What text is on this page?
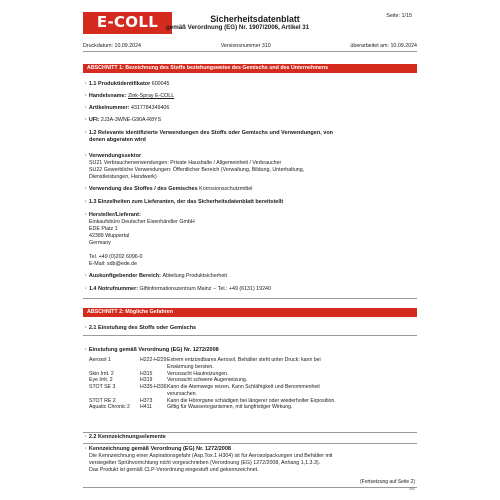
E-COLL	Sicherheitsdatenblatt
gemäß Verordnung (EG) Nr. 1907/2006, Artikel 31
Seite: 1/15
Druckdatum: 10.09.2024	Versionsnummer 310	überarbeitet am: 10.09.2024
ABSCHNITT 1: Bezeichnung des Stoffs beziehungsweise des Gemischs und des Unternehmens
· 1.1 Produktidentifikator 600045
· Handelsname: Zink-Spray E-COLL
· Artikelnummer: 4317784349406
· UFI: 2J3A-3WNE-G90A-R8YS
· 1.2 Relevante identifizierte Verwendungen des Stoffs oder Gemischs und Verwendungen, von
denen abgeraten wird
· Verwendungssektor
SU21 Verbraucherverwendungen: Private Haushalte / Allgemeinheit / Verbraucher
SU22 Gewerbliche Verwendungen: Öffentlicher Bereich (Verwaltung, Bildung, Unterhaltung,
Dienstleistungen, Handwerk)
· Verwendung des Stoffes / des Gemisches Korrosionsschutzmittel
· 1.3 Einzelheiten zum Lieferanten, der das Sicherheitsdatenblatt bereitstellt
· Hersteller/Lieferant:
Einkaufsbüro Deutscher Eisenhändler GmbH
EDE Platz 1
42389 Wuppertal
Germany
Tel. +49 (0)202 6096-0
E-Mail: sdb@ede.de
· Auskunftgebender Bereich: Abteilung Produktsicherheit
· 1.4 Notrufnummer: Giftinformationszentrum Mainz -- Tel.: +49 (6131) 19240
ABSCHNITT 2: Mögliche Gefahren
· 2.1 Einstufung des Stoffs oder Gemischs
· Einstufung gemäß Verordnung (EG) Nr. 1272/2008
Aerosol 1	H222-H229 Extrem entzündbares Aerosol. Behälter steht unter Druck: kann bei
Erwärmung bersten.
Skin Irrit. 2	H315	Verursacht Hautreizungen.
Eye Irrit. 2	H319	Verursacht schwere Augenreizung.
STOT SE 3	H335-H336 Kann die Atemwege reizen. Kann Schläfrigkeit und Benommenheit
verursachen.
STOT RE 2	H373	Kann die Hörorgane schädigen bei längerer oder wiederholter Exposition.
Aquatic Chronic 2	H411	Giftig für Wasserorganismen, mit langfristiger Wirkung.
· 2.2 Kennzeichnungselemente
· Kennzeichnung gemäß Verordnung (EG) Nr. 1272/2008
Die Kennzeichnung einer Aspirationsgefahr (Asp.Tox.1 H304) ist für Aerosolpackungen und Behälter mit
versiegelter Sprühvorrichtung nicht vorgeschrieben (Verordnung (EG) 1272/2008, Anhang 1,1.3.3).
Das Produkt ist gemäß CLP-Verordnung eingestuft und gekennzeichnet.
(Fortsetzung auf Seite 2)
DE
